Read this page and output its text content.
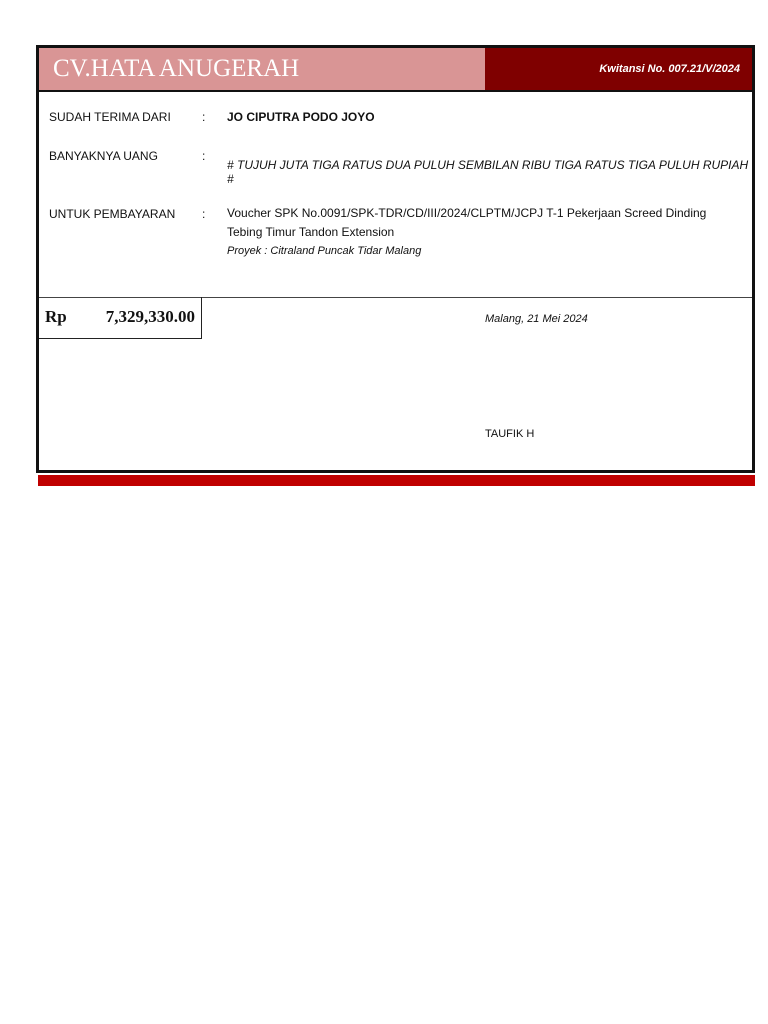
CV.HATA ANUGERAH	Kwitansi No. 007.21/V/2024
SUDAH TERIMA DARI	: JO CIPUTRA PODO JOYO
BANYAKNYA UANG	:
# TUJUH JUTA TIGA RATUS DUA PULUH SEMBILAN RIBU TIGA RATUS TIGA PULUH RUPIAH #
UNTUK PEMBAYARAN : Voucher SPK No.0091/SPK-TDR/CD/III/2024/CLPTM/JCPJ T-1 Pekerjaan Screed Dinding Tebing Timur Tandon Extension
Proyek : Citraland Puncak Tidar Malang
Rp 7,329,330.00	Malang, 21 Mei 2024
TAUFIK H
